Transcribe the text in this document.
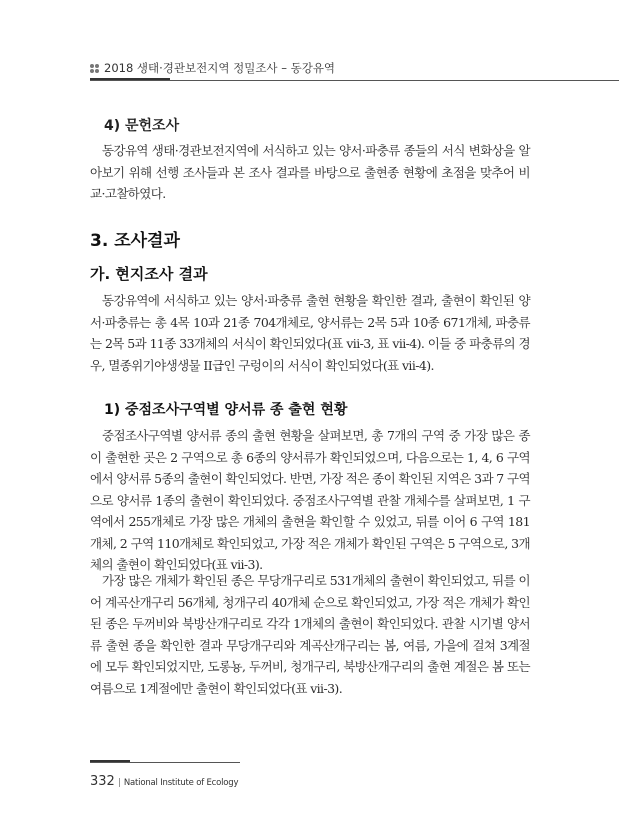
2018 생태·경관보전지역 정밀조사 – 동강유역
4) 문헌조사
동강유역 생태·경관보전지역에 서식하고 있는 양서·파충류 종들의 서식 변화상을 알아보기 위해 선행 조사들과 본 조사 결과를 바탕으로 출현종 현황에 초점을 맞추어 비교·고찰하였다.
3. 조사결과
가. 현지조사 결과
동강유역에 서식하고 있는 양서·파충류 출현 현황을 확인한 결과, 출현이 확인된 양서·파충류는 총 4목 10과 21종 704개체로, 양서류는 2목 5과 10종 671개체, 파충류는 2목 5과 11종 33개체의 서식이 확인되었다(표 vii-3, 표 vii-4). 이들 중 파충류의 경우, 멸종위기야생생물 II급인 구렁이의 서식이 확인되었다(표 vii-4).
1) 중점조사구역별 양서류 종 출현 현황
중점조사구역별 양서류 종의 출현 현황을 살펴보면, 총 7개의 구역 중 가장 많은 종이 출현한 곳은 2 구역으로 총 6종의 양서류가 확인되었으며, 다음으로는 1, 4, 6 구역에서 양서류 5종의 출현이 확인되었다. 반면, 가장 적은 종이 확인된 지역은 3과 7 구역으로 양서류 1종의 출현이 확인되었다. 중점조사구역별 관찰 개체수를 살펴보면, 1 구역에서 255개체로 가장 많은 개체의 출현을 확인할 수 있었고, 뒤를 이어 6 구역 181개체, 2 구역 110개체로 확인되었고, 가장 적은 개체가 확인된 구역은 5 구역으로, 3개체의 출현이 확인되었다(표 vii-3).
가장 많은 개체가 확인된 종은 무당개구리로 531개체의 출현이 확인되었고, 뒤를 이어 계곡산개구리 56개체, 청개구리 40개체 순으로 확인되었고, 가장 적은 개체가 확인된 종은 두꺼비와 북방산개구리로 각각 1개체의 출현이 확인되었다. 관찰 시기별 양서류 출현 종을 확인한 결과 무당개구리와 계곡산개구리는 봄, 여름, 가을에 걸쳐 3계절에 모두 확인되었지만, 도롱뇽, 두꺼비, 청개구리, 북방산개구리의 출현 계절은 봄 또는 여름으로 1계절에만 출현이 확인되었다(표 vii-3).
332 | National Institute of Ecology
